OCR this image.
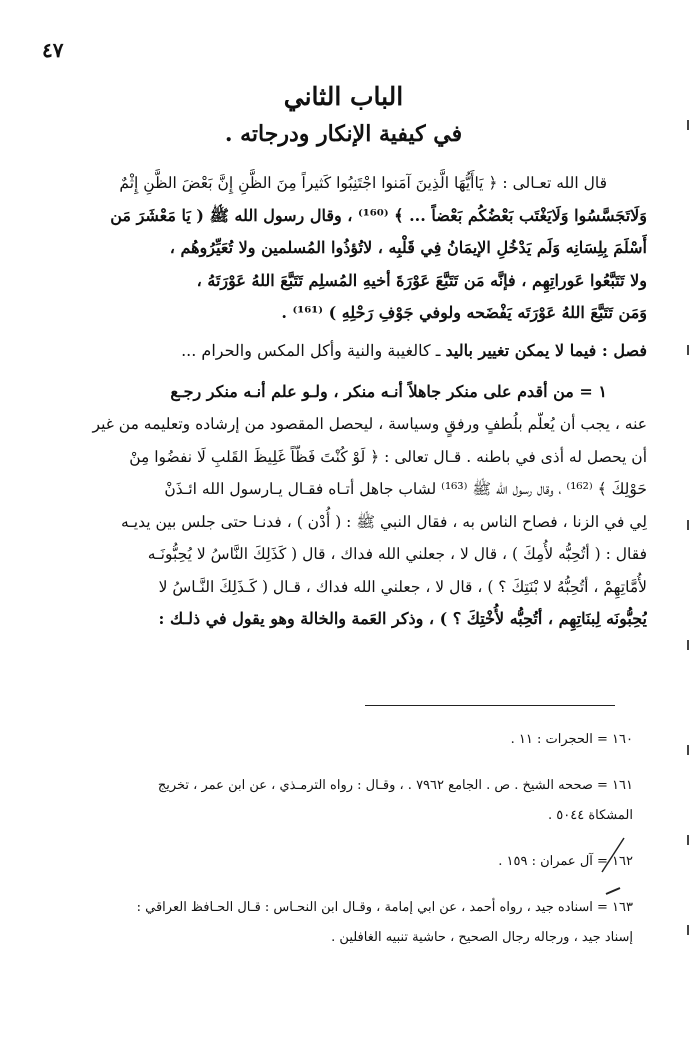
٤٧
الباب الثاني
في كيفية الإنكار ودرجاته .
قال الله تعـالى : ﴿ يَاأَيُّهَا الَّذِينَ آمَنوا اجْتَنِبُوا كَثيراً مِنَ الظَّنِ إِنَّ بَعْضَ الظَّنِ إِثْمٌ
وَلَاتَجَسَّسُوا وَلَايَغْتَب بَعْضُكُم بَعْضاً ... ﴾ ⁽¹⁶⁰⁾ ، وقال رسول الله ﷺ ( يَا مَعْشَرَ مَن
أَسْلَمَ بِلِسَانِه وَلَم يَدْخُلِ الإيمَانُ فِي قَلْبِه ، لاتُؤذُوا المُسلمين ولا تُعَيِّرُوهُم ،
ولا تَتَبَّعُوا عَوراتِهِم ، فإنَّه مَن تَتَبَّعَ عَوْرَةَ أخيهِ المُسلِم تَتَبَّعَ اللهُ عَوْرَتَهُ ،
وَمَن تَتَبَّعَ اللهُ عَوْرَتَه يَفْضَحه ولوفي جَوْفِ رَحْلِهِ ) ⁽¹⁶¹⁾ .
فصل : فيما لا يمكن تغيير باليد ـ كالغيبة والنية وأكل المكس والحرام ...
١ = من أقدم على منكر جاهلاً أنـه منكر ، ولـو علم أنـه منكر رجـع
عنه ، يجب أن يُعلّم بلُطفٍ ورفقٍ وسياسة ، ليحصل المقصود من إرشاده وتعليمه من غير
أن يحصل له أذى في باطنه . قـال تعالى : ﴿ لَوْ كُنْتَ فَظّاً غَلِيظَ القَلبِ لَا نفضُوا مِنْ
حَوْلِكَ ﴾ ⁽¹⁶²⁾ ، وقال رسول الله ﷺ ⁽¹⁶³⁾ لشاب جاهل أتـاه فقـال يـارسول الله ائـذَنْ
لِي في الزنا ، فصاح الناس به ، فقال النبي ﷺ : ( أُدْن ) ، فدنـا حتى جلس بين يديـه
فقال : ( أتُحِبُّه لأُمِكَ ) ، قال لا ، جعلني الله فداك ، قال ( كَذَلِكَ النَّاسُ لا يُحِبُّونَـه
لأُمَّاتِهِمْ ، أتُحِبُّهُ لا بْنَتِكَ ؟ ) ، قال لا ، جعلني الله فداك ، قـال ( كَـذَلِكَ النَّـاسُ لا
يُحِبُّونَه لِبنَاتِهِم ، أتُحِبُّه لأُخْتِكَ ؟ ) ، وذكر العَمة والخالة وهو يقول في ذلـك :
١٦٠ = الحجرات : ١١ .
١٦١ = صححه الشيخ . ص . الجامع ٧٩٦٢ . ، وقـال : رواه الترمـذي ، عن ابن عمر ، تخريج
المشكاة ٥٠٤٤ .
١٦٢ = آل عمران : ١٥٩ .
١٦٣ = اسناده جيد ، رواه أحمد ، عن ابي إمامة ، وقـال ابن النحـاس : قـال الحـافظ العراقي :
إسناد جيد ، ورجاله رجال الصحيح ، حاشية تنبيه الغافلين .
